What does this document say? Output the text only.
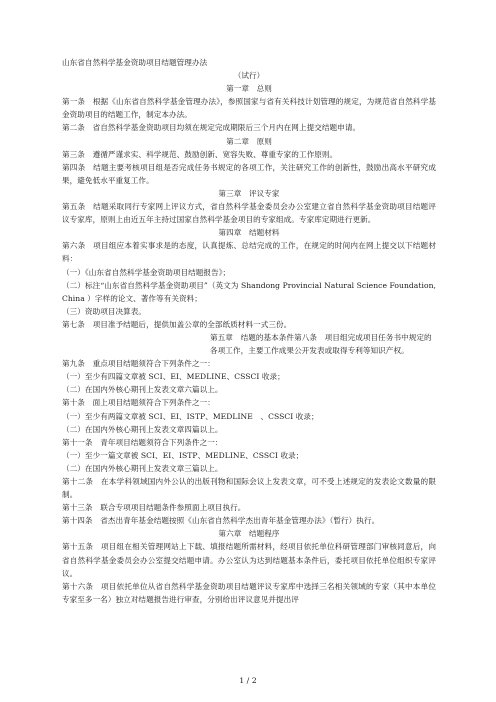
山东省自然科学基金资助项目结题管理办法

（试行）

第一章　总则

第一条　根据《山东省自然科学基金管理办法》，参照国家与省有关科技计划管理的规定，为规范省自然科学基金资助项目的结题工作，制定本办法。

第二条　省自然科学基金资助项目均须在规定完成期限后三个月内在网上提交结题申请。

第二章　原则

第三条　遵循严谨求实、科学规范、鼓励创新、宽容失败、尊重专家的工作原则。

第四条　结题主要考核项目组是否完成任务书规定的各项工作，关注研究工作的创新性，鼓励出高水平研究成果，避免低水平重复工作。

第三章　评议专家

第五条　结题采取同行专家网上评议方式，省自然科学基金委员会办公室建立省自然科学基金资助项目结题评议专家库，原则上由近五年主持过国家自然科学基金项目的专家组成。专家库定期进行更新。

第四章　结题材料

第六条　项目组应本着实事求是的态度，认真提炼、总结完成的工作，在规定的时间内在网上提交以下结题材料：

（一）《山东省自然科学基金资助项目结题报告》；

（二）标注“山东省自然科学基金资助项目”（英文为 Shandong Provincial Natural Science Foundation, China ）字样的论文、著作等有关资料；

（三）资助项目决算表。

第七条　项目准予结题后，提供加盖公章的全部纸质材料一式三份。

第五章　结题的基本条件第八条　项目组完成项目任务书中规定的各项工作，主要工作成果公开发表或取得专利等知识产权。

第九条　重点项目结题须符合下列条件之一：

（一）至少有四篇文章被 SCI、EI、MEDLINE、CSSCI 收录；

（二）在国内外核心期刊上发表文章六篇以上。

第十条　面上项目结题须符合下列条件之一：

（一）至少有两篇文章被 SCI、EI、ISTP、MEDLINE　、CSSCI 收录；

（二）在国内外核心期刊上发表文章四篇以上。

第十一条　青年项目结题须符合下列条件之一：

（一）至少一篇文章被 SCI、EI、ISTP、MEDLINE、CSSCI 收录；

（二）在国内外核心期刊上发表文章三篇以上。

第十二条　在本学科领域国内外公认的出版刊物和国际会议上发表文章，可不受上述规定的发表论文数量的限制。

第十三条　联合专项项目结题条件参照面上项目执行。

第十四条　省杰出青年基金结题按照《山东省自然科学杰出青年基金管理办法》（暂行）执行。

第六章　结题程序

第十五条　项目组在相关管理网站上下载、填报结题所需材料，经项目依托单位科研管理部门审核同意后，向省自然科学基金委员会办公室提交结题申请。办公室认为达到结题基本条件后，委托项目依托单位组织专家评议。

第十六条　项目依托单位从省自然科学基金资助项目结题评议专家库中选择三名相关领域的专家（其中本单位专家至多一名）独立对结题报告进行审查，分别给出评议意见并提出评

1 / 2
